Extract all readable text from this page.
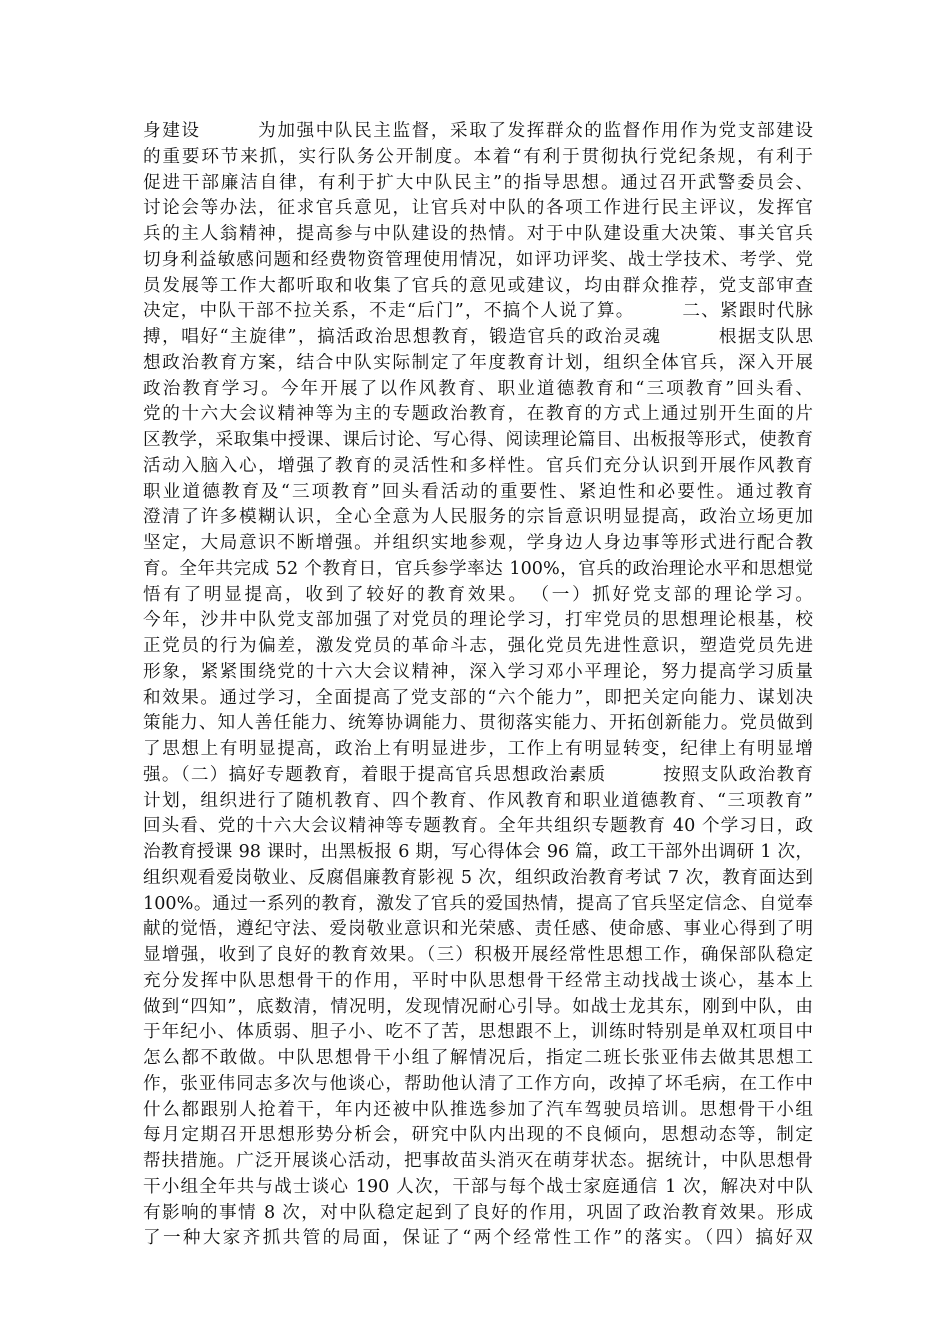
身建设　　　为加强中队民主监督，采取了发挥群众的监督作用作为党支部建设
的重要环节来抓，实行队务公开制度。本着“有利于贯彻执行党纪条规，有利于
促进干部廉洁自律，有利于扩大中队民主”的指导思想。通过召开武警委员会、
讨论会等办法，征求官兵意见，让官兵对中队的各项工作进行民主评议，发挥官
兵的主人翁精神，提高参与中队建设的热情。对于中队建设重大决策、事关官兵
切身利益敏感问题和经费物资管理使用情况，如评功评奖、战士学技术、考学、党
员发展等工作大都听取和收集了官兵的意见或建议，均由群众推荐，党支部审查
决定，中队干部不拉关系，不走“后门”，不搞个人说了算。　　　二、紧跟时代脉
搏，唱好“主旋律”，搞活政治思想教育，锻造官兵的政治灵魂　　　根据支队思
想政治教育方案，结合中队实际制定了年度教育计划，组织全体官兵，深入开展
政治教育学习。今年开展了以作风教育、职业道德教育和“三项教育”回头看、
党的十六大会议精神等为主的专题政治教育，在教育的方式上通过别开生面的片
区教学，采取集中授课、课后讨论、写心得、阅读理论篇目、出板报等形式，使教育
活动入脑入心，增强了教育的灵活性和多样性。官兵们充分认识到开展作风教育
职业道德教育及“三项教育”回头看活动的重要性、紧迫性和必要性。通过教育
澄清了许多模糊认识，全心全意为人民服务的宗旨意识明显提高，政治立场更加
坚定，大局意识不断增强。并组织实地参观，学身边人身边事等形式进行配合教
育。全年共完成 52 个教育日，官兵参学率达 100%，官兵的政治理论水平和思想觉
悟有了明显提高，收到了较好的教育效果。　（一）抓好党支部的理论学习。
今年，沙井中队党支部加强了对党员的理论学习，打牢党员的思想理论根基，校
正党员的行为偏差，激发党员的革命斗志，强化党员先进性意识，塑造党员先进
形象，紧紧围绕党的十六大会议精神，深入学习邓小平理论，努力提高学习质量
和效果。通过学习，全面提高了党支部的“六个能力”，即把关定向能力、谋划决
策能力、知人善任能力、统筹协调能力、贯彻落实能力、开拓创新能力。党员做到
了思想上有明显提高，政治上有明显进步，工作上有明显转变，纪律上有明显增
强。（二）搞好专题教育，着眼于提高官兵思想政治素质　　　按照支队政治教育
计划，组织进行了随机教育、四个教育、作风教育和职业道德教育、“三项教育”
回头看、党的十六大会议精神等专题教育。全年共组织专题教育 40 个学习日，政
治教育授课 98 课时，出黑板报 6 期，写心得体会 96 篇，政工干部外出调研 1 次，
组织观看爱岗敬业、反腐倡廉教育影视 5 次，组织政治教育考试 7 次，教育面达到
100%。通过一系列的教育，激发了官兵的爱国热情，提高了官兵坚定信念、自觉奉
献的觉悟，遵纪守法、爱岗敬业意识和光荣感、责任感、使命感、事业心得到了明
显增强，收到了良好的教育效果。（三）积极开展经常性思想工作，确保部队稳定
充分发挥中队思想骨干的作用，平时中队思想骨干经常主动找战士谈心，基本上
做到“四知”，底数清，情况明，发现情况耐心引导。如战士龙其东，刚到中队，由
于年纪小、体质弱、胆子小、吃不了苦，思想跟不上，训练时特别是单双杠项目中
怎么都不敢做。中队思想骨干小组了解情况后，指定二班长张亚伟去做其思想工
作，张亚伟同志多次与他谈心，帮助他认清了工作方向，改掉了坏毛病，在工作中
什么都跟别人抢着干，年内还被中队推选参加了汽车驾驶员培训。思想骨干小组
每月定期召开思想形势分析会，研究中队内出现的不良倾向，思想动态等，制定
帮扶措施。广泛开展谈心活动，把事故苗头消灭在萌芽状态。据统计，中队思想骨
干小组全年共与战士谈心 190 人次，干部与每个战士家庭通信 1 次，解决对中队
有影响的事情 8 次，对中队稳定起到了良好的作用，巩固了政治教育效果。形成
了一种大家齐抓共管的局面，保证了“两个经常性工作”的落实。（四）搞好双
